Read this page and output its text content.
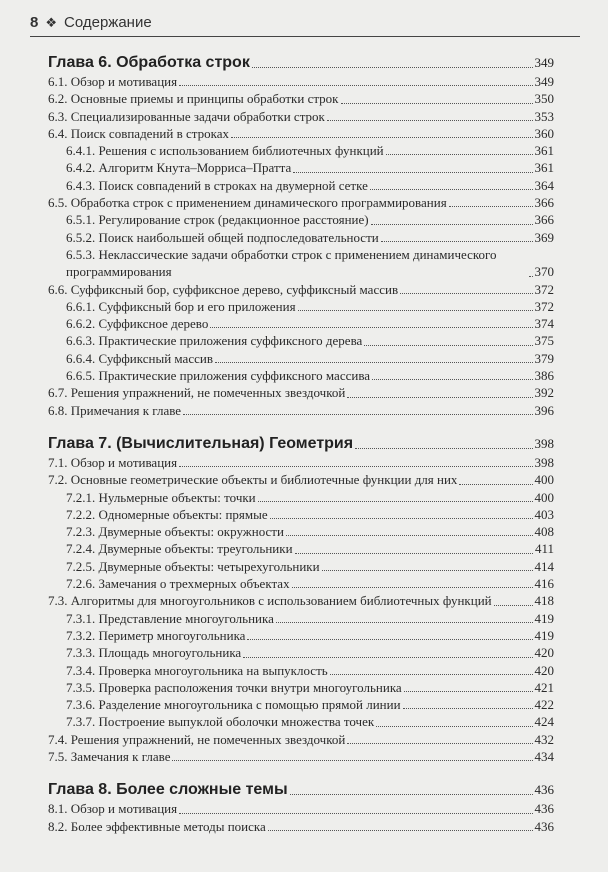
8 ❖ Содержание
Глава 6. Обработка строк	349
6.1. Обзор и мотивация	349
6.2. Основные приемы и принципы обработки строк	350
6.3. Специализированные задачи обработки строк	353
6.4. Поиск совпадений в строках	360
6.4.1. Решения с использованием библиотечных функций	361
6.4.2. Алгоритм Кнута–Морриса–Пратта	361
6.4.3. Поиск совпадений в строках на двумерной сетке	364
6.5. Обработка строк с применением динамического программирования	366
6.5.1. Регулирование строк (редакционное расстояние)	366
6.5.2. Поиск наибольшей общей подпоследовательности	369
6.5.3. Неклассические задачи обработки строк с применением динамического программирования	370
6.6. Суффиксный бор, суффиксное дерево, суффиксный массив	372
6.6.1. Суффиксный бор и его приложения	372
6.6.2. Суффиксное дерево	374
6.6.3. Практические приложения суффиксного дерева	375
6.6.4. Суффиксный массив	379
6.6.5. Практические приложения суффиксного массива	386
6.7. Решения упражнений, не помеченных звездочкой	392
6.8. Примечания к главе	396
Глава 7. (Вычислительная) Геометрия	398
7.1. Обзор и мотивация	398
7.2. Основные геометрические объекты и библиотечные функции для них	400
7.2.1. Нульмерные объекты: точки	400
7.2.2. Одномерные объекты: прямые	403
7.2.3. Двумерные объекты: окружности	408
7.2.4. Двумерные объекты: треугольники	411
7.2.5. Двумерные объекты: четырехугольники	414
7.2.6. Замечания о трехмерных объектах	416
7.3. Алгоритмы для многоугольников с использованием библиотечных функций	418
7.3.1. Представление многоугольника	419
7.3.2. Периметр многоугольника	419
7.3.3. Площадь многоугольника	420
7.3.4. Проверка многоугольника на выпуклость	420
7.3.5. Проверка расположения точки внутри многоугольника	421
7.3.6. Разделение многоугольника с помощью прямой линии	422
7.3.7. Построение выпуклой оболочки множества точек	424
7.4. Решения упражнений, не помеченных звездочкой	432
7.5. Замечания к главе	434
Глава 8. Более сложные темы	436
8.1. Обзор и мотивация	436
8.2. Более эффективные методы поиска	436
